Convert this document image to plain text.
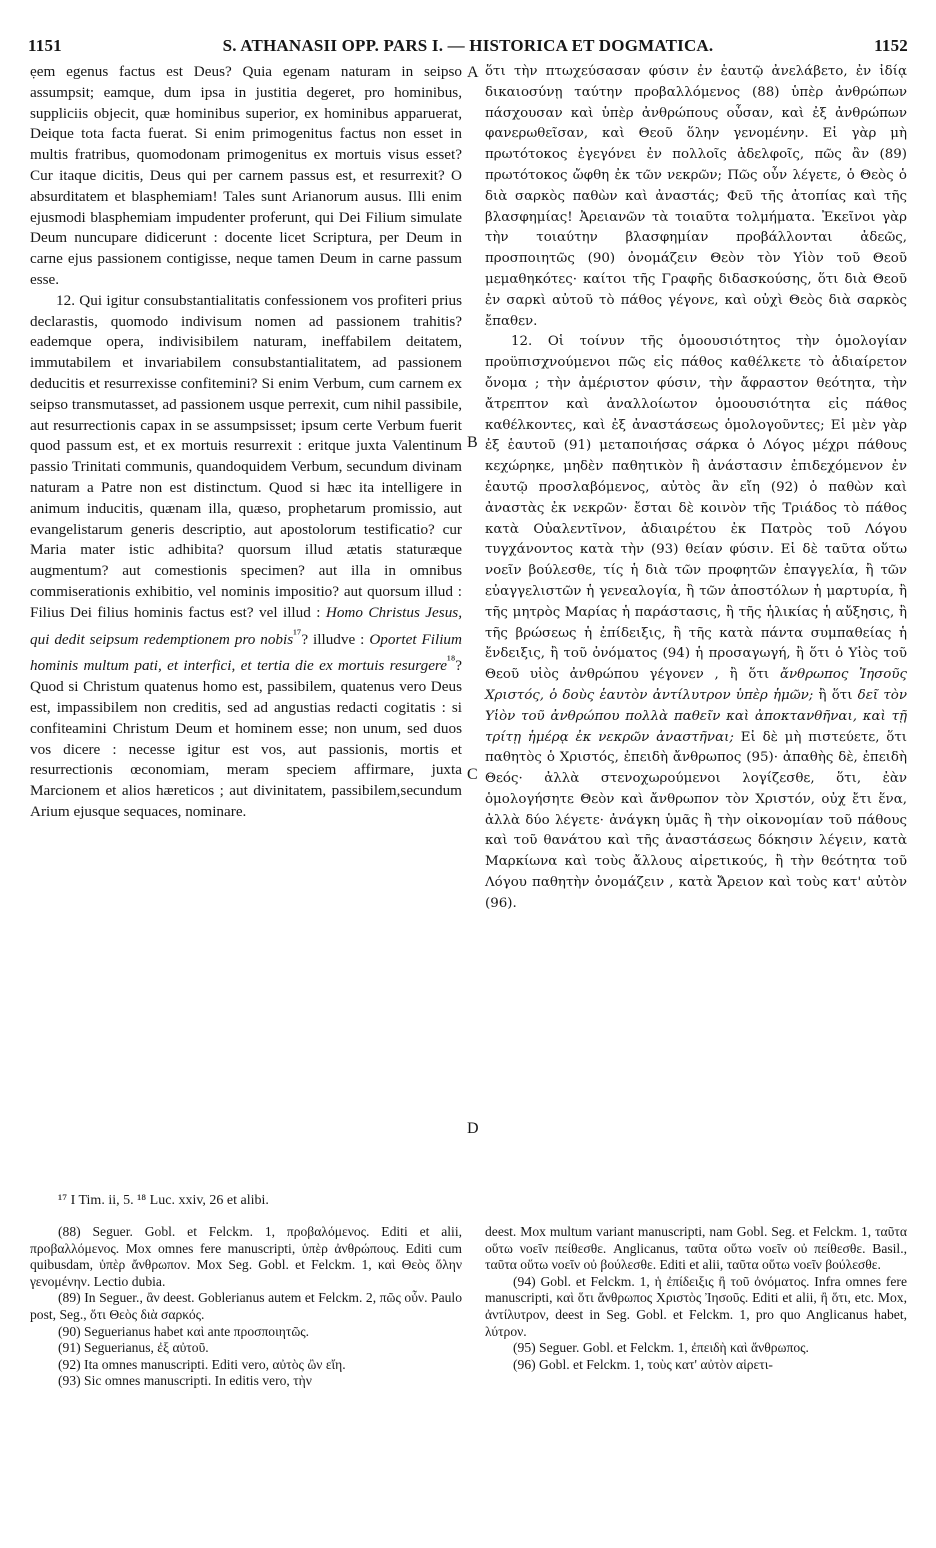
1151	S. ATHANASII OPP. PARS I. — HISTORICA ET DOGMATICA.	1152

ẹem egenus factus est Deus? Quia egenam naturam in seipso assumpsit; eamque, dum ipsa in justitia degeret, pro hominibus, suppliciis objecit, quæ hominibus superior, ex hominibus apparuerat, Deique tota facta fuerat. Si enim primogenitus factus non esset in multis fratribus, quomodonam primogenitus ex mortuis visus esset? Cur itaque dicitis, Deus qui per carnem passus est, et resurrexit? O absurditatem et blasphemiam! Tales sunt Arianorum ausus. Illi enim ejusmodi blasphemiam impudenter proferunt, qui Dei Filium simulate Deum nuncupare didicerunt : docente licet Scriptura, per Deum in carne ejus passionem contigisse, neque tamen Deum in carne passum esse.

12. Qui igitur consubstantialitatis confessionem vos profiteri prius declarastis, quomodo indivisum nomen ad passionem trahitis? eademque opera, indivisibilem naturam, ineffabilem deitatem, immutabilem et invariabilem consubstantialitatem, ad passionem deducitis et resurrexisse confitemini? Si enim Verbum, cum carnem ex seipso transmutasset, ad passionem usque perrexit, cum nihil passibile, aut resurrectionis capax in se assumpsisset; ipsum certe Verbum fuerit quod passum est, et ex mortuis resurrexit : eritque juxta Valentinum passio Trinitati communis, quandoquidem Verbum, secundum divinam naturam a Patre non est distinctum. Quod si hæc ita intelligere in animum inducitis, quænam illa, quæso, prophetarum promissio, aut evangelistarum generis descriptio, aut apostolorum testificatio? cur Maria mater istic adhibita? quorsum illud ætatis staturæque augmentum? aut comestionis specimen? aut illa in omnibus commiserationis exhibitio, vel nominis impositio? aut quorsum illud : Filius Dei filius hominis factus est? vel illud : Homo Christus Jesus, qui dedit seipsum redemptionem pro nobis$^{^{17}}$? illudve : Oportet Filium hominis multum pati, et interfici, et tertia die ex mortuis resurgere$^{^{18}}$? Quod si Christum quatenus homo est, passibilem, quatenus vero Deus est, impassibilem non creditis, sed ad angustias redacti cogitatis : si confiteamini Christum Deum et hominem esse; non unum, sed duos vos dicere : necesse igitur est vos, aut passionis, mortis et resurrectionis œconomiam, meram speciem affirmare, juxta Marcionem et alios hæreticos ; aut divinitatem, passibilem,secundum Arium ejusque sequaces, nominare.

¹⁷ I Tim. ii, 5. ¹⁸ Luc. xxiv, 26 et alibi.
A
B
C
D

ὅτι τὴν πτωχεύσασαν φύσιν ἐν ἑαυτῷ ἀνελάβετο, ἐν ἰδίᾳ δικαιοσύνῃ ταύτην προβαλλόμενος (88) ὑπὲρ ἀνθρώπων πάσχουσαν καὶ ὑπὲρ ἀνθρώπους οὖσαν, καὶ ἐξ ἀνθρώπων φανερωθεῖσαν, καὶ Θεοῦ ὅλην γενομένην. Εἰ γὰρ μὴ πρωτότοκος ἐγεγόνει ἐν πολλοῖς ἀδελφοῖς, πῶς ἂν (89) πρωτότοκος ὤφθη ἐκ τῶν νεκρῶν; Πῶς οὖν λέγετε, ὁ Θεὸς ὁ διὰ σαρκὸς παθὼν καὶ ἀναστάς; Φεῦ τῆς ἀτοπίας καὶ τῆς βλασφημίας! Ἀρειανῶν τὰ τοιαῦτα τολμήματα. Ἐκεῖνοι γὰρ τὴν τοιαύτην βλασφημίαν προβάλλονται ἀδεῶς, προσποιητῶς (90) ὀνομάζειν Θεὸν τὸν Υἱὸν τοῦ Θεοῦ μεμαθηκότες· καίτοι τῆς Γραφῆς διδασκούσης, ὅτι διὰ Θεοῦ ἐν σαρκὶ αὐτοῦ τὸ πάθος γέγονε, καὶ οὐχὶ Θεὸς διὰ σαρκὸς ἔπαθεν.

12. Οἱ τοίνυν τῆς ὁμοουσιότητος τὴν ὁμολογίαν προϋπισχνούμενοι πῶς εἰς πάθος καθέλκετε τὸ ἀδιαίρετον ὄνομα ; τὴν ἀμέριστον φύσιν, τὴν ἄφραστον θεότητα, τὴν ἄτρεπτον καὶ ἀναλλοίωτον ὁμοουσιότητα εἰς πάθος καθέλκοντες, καὶ ἐξ ἀναστάσεως ὁμολογοῦντες; Εἰ μὲν γὰρ ἐξ ἑαυτοῦ (91) μεταποιήσας σάρκα ὁ Λόγος μέχρι πάθους κεχώρηκε, μηδὲν παθητικὸν ἢ ἀνάστασιν ἐπιδεχόμενον ἐν ἑαυτῷ προσλαβόμενος, αὐτὸς ἂν εἴη (92) ὁ παθὼν καὶ ἀναστὰς ἐκ νεκρῶν· ἔσται δὲ κοινὸν τῆς Τριάδος τὸ πάθος κατὰ Οὐαλεντῖνον, ἀδιαιρέτου ἐκ Πατρὸς τοῦ Λόγου τυγχάνοντος κατὰ τὴν (93) θείαν φύσιν. Εἰ δὲ ταῦτα οὕτω νοεῖν βούλεσθε, τίς ἡ διὰ τῶν προφητῶν ἐπαγγελία, ἢ τῶν εὐαγγελιστῶν ἡ γενεαλογία, ἢ τῶν ἀποστόλων ἡ μαρτυρία, ἢ τῆς μητρὸς Μαρίας ἡ παράστασις, ἢ τῆς ἡλικίας ἡ αὔξησις, ἢ τῆς βρώσεως ἡ ἐπίδειξις, ἢ τῆς κατὰ πάντα συμπαθείας ἡ ἔνδειξις, ἢ τοῦ ὀνόματος (94) ἡ προσαγωγή, ἢ ὅτι ὁ Υἱὸς τοῦ Θεοῦ υἱὸς ἀνθρώπου γέγονεν , ἢ ὅτι ἄνθρωπος Ἰησοῦς Χριστός, ὁ δοὺς ἑαυτὸν ἀντίλυτρον ὑπὲρ ἡμῶν; ἢ ὅτι δεῖ τὸν Υἱὸν τοῦ ἀνθρώπου πολλὰ παθεῖν καὶ ἀποκτανθῆναι, καὶ τῇ τρίτῃ ἡμέρᾳ ἐκ νεκρῶν ἀναστῆναι; Εἰ δὲ μὴ πιστεύετε, ὅτι παθητὸς ὁ Χριστός, ἐπειδὴ ἄνθρωπος (95)· ἀπαθὴς δὲ, ἐπειδὴ Θεός· ἀλλὰ στενοχωρούμενοι λογίζεσθε, ὅτι, ἐὰν ὁμολογήσητε Θεὸν καὶ ἄνθρωπον τὸν Χριστόν, οὐχ ἔτι ἕνα, ἀλλὰ δύο λέγετε· ἀνάγκη ὑμᾶς ἢ τὴν οἰκονομίαν τοῦ πάθους καὶ τοῦ θανάτου καὶ τῆς ἀναστάσεως δόκησιν λέγειν, κατὰ Μαρκίωνα καὶ τοὺς ἄλλους αἱρετικούς, ἢ τὴν θεότητα τοῦ Λόγου παθητὴν ὀνομάζειν , κατὰ Ἄρειον καὶ τοὺς κατ' αὐτὸν (96).

(88) Seguer. Gobl. et Felckm. 1, προβαλόμενος. Editi et alii, προβαλλόμενος. Mox omnes fere manuscripti, ὑπὲρ ἀνθρώπους. Editi cum quibusdam, ὑπὲρ ἄνθρωπον. Mox Seg. Gobl. et Felckm. 1, καὶ Θεὸς ὅλην γενομένην. Lectio dubia.

(89) In Seguer., ἂν deest. Goblerianus autem et Felckm. 2, πῶς οὖν. Paulo post, Seg., ὅτι Θεὸς διὰ σαρκός.

(90) Seguerianus habet καὶ ante προσποιητῶς.

(91) Seguerianus, ἐξ αὐτοῦ.

(92) Ita omnes manuscripti. Editi vero, αὐτὸς ὢν εἴη.

(93) Sic omnes manuscripti. In editis vero, τὴν

deest. Mox multum variant manuscripti, nam Gobl. Seg. et Felckm. 1, ταῦτα οὕτω νοεῖν πείθεσθε. Anglicanus, ταῦτα οὕτω νοεῖν οὐ πείθεσθε. Basil., ταῦτα οὕτω νοεῖν οὐ βούλεσθε. Editi et alii, ταῦτα οὕτω νοεῖν βούλεσθε.

(94) Gobl. et Felckm. 1, ἡ ἐπίδειξις ἢ τοῦ ὀνόματος. Infra omnes fere manuscripti, καὶ ὅτι ἄνθρωπος Χριστὸς Ἰησοῦς. Editi et alii, ἢ ὅτι, etc. Mox, ἀντίλυτρον, deest in Seg. Gobl. et Felckm. 1, pro quo Anglicanus habet, λύτρον.

(95) Seguer. Gobl. et Felckm. 1, ἐπειδὴ καὶ ἄνθρωπος.

(96) Gobl. et Felckm. 1, τοὺς κατ' αὐτὸν αἱρετι-
